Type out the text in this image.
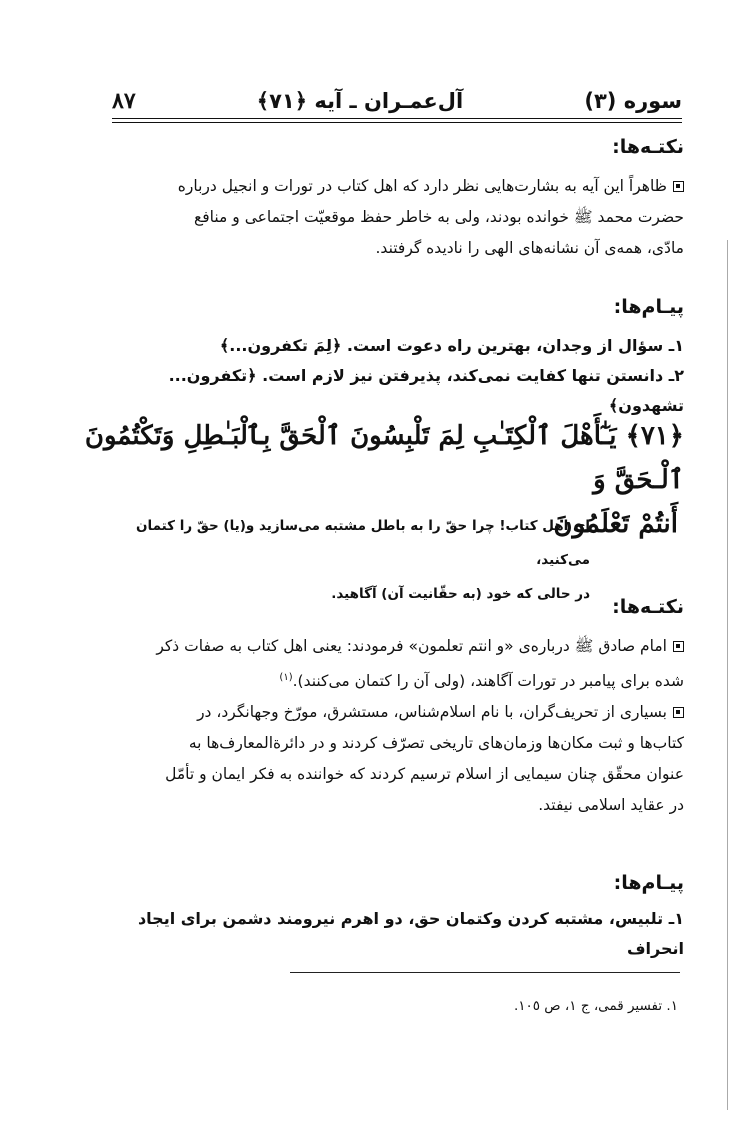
سوره (٣)
آل‌عمـران ـ آیه ﴿٧١﴾
٨٧
نکتـه‌ها:
ظاهراً این آیه به بشارت‌هایی نظر دارد که اهل کتاب در تورات و انجیل درباره
حضرت محمد ﷺ خوانده بودند، ولی به خاطر حفظ موقعیّت اجتماعی و منافع
مادّی، همه‌ی آن نشانه‌های الهی را نادیده گرفتند.
پیـام‌ها:
۱ـ سؤال از وجدان، بهترین راه دعوت است. ﴿لِمَ تکفرون...﴾
۲ـ دانستن تنها کفایت نمی‌کند، پذیرفتن نیز لازم است. ﴿تکفرون... تشهدون﴾
﴿٧١﴾ يَـٰٓأَهْلَ ٱلْكِتَـٰبِ لِمَ تَلْبِسُونَ ٱلْحَقَّ بِٱلْبَـٰطِلِ وَتَكْتُمُونَ ٱلْـحَقَّ وَ
أَنتُمْ تَعْلَمُونَ
ای اهل کتاب! چرا حقّ را به باطل مشتبه می‌سازید و(یا) حقّ را کتمان می‌کنید،
در حالی که خود (به حقّانیت آن) آگاهید.
نکتـه‌ها:
امام صادق ﷺ درباره‌ی «و انتم تعلمون» فرمودند: یعنی اهل کتاب به صفات ذکر
شده برای پیامبر در تورات آگاهند، (ولی آن را کتمان می‌کنند).$^{(١)}$
بسیاری از تحریف‌گران، با نام اسلام‌شناس، مستشرق، مورّخ وجهانگرد، در
کتاب‌ها و ثبت مکان‌ها وزمان‌های تاریخی تصرّف کردند و در دائرةالمعارف‌ها به
عنوان محقّق چنان سیمایی از اسلام ترسیم کردند که خواننده به فکر ایمان و تأمّل
در عقاید اسلامی نیفتد.
پیـام‌ها:
۱ـ تلبیس، مشتبه کردن وکتمان حق، دو اهرم نیرومند دشمن برای ایجاد انحراف
١. تفسیر قمی، ج ١، ص ١٠٥.
